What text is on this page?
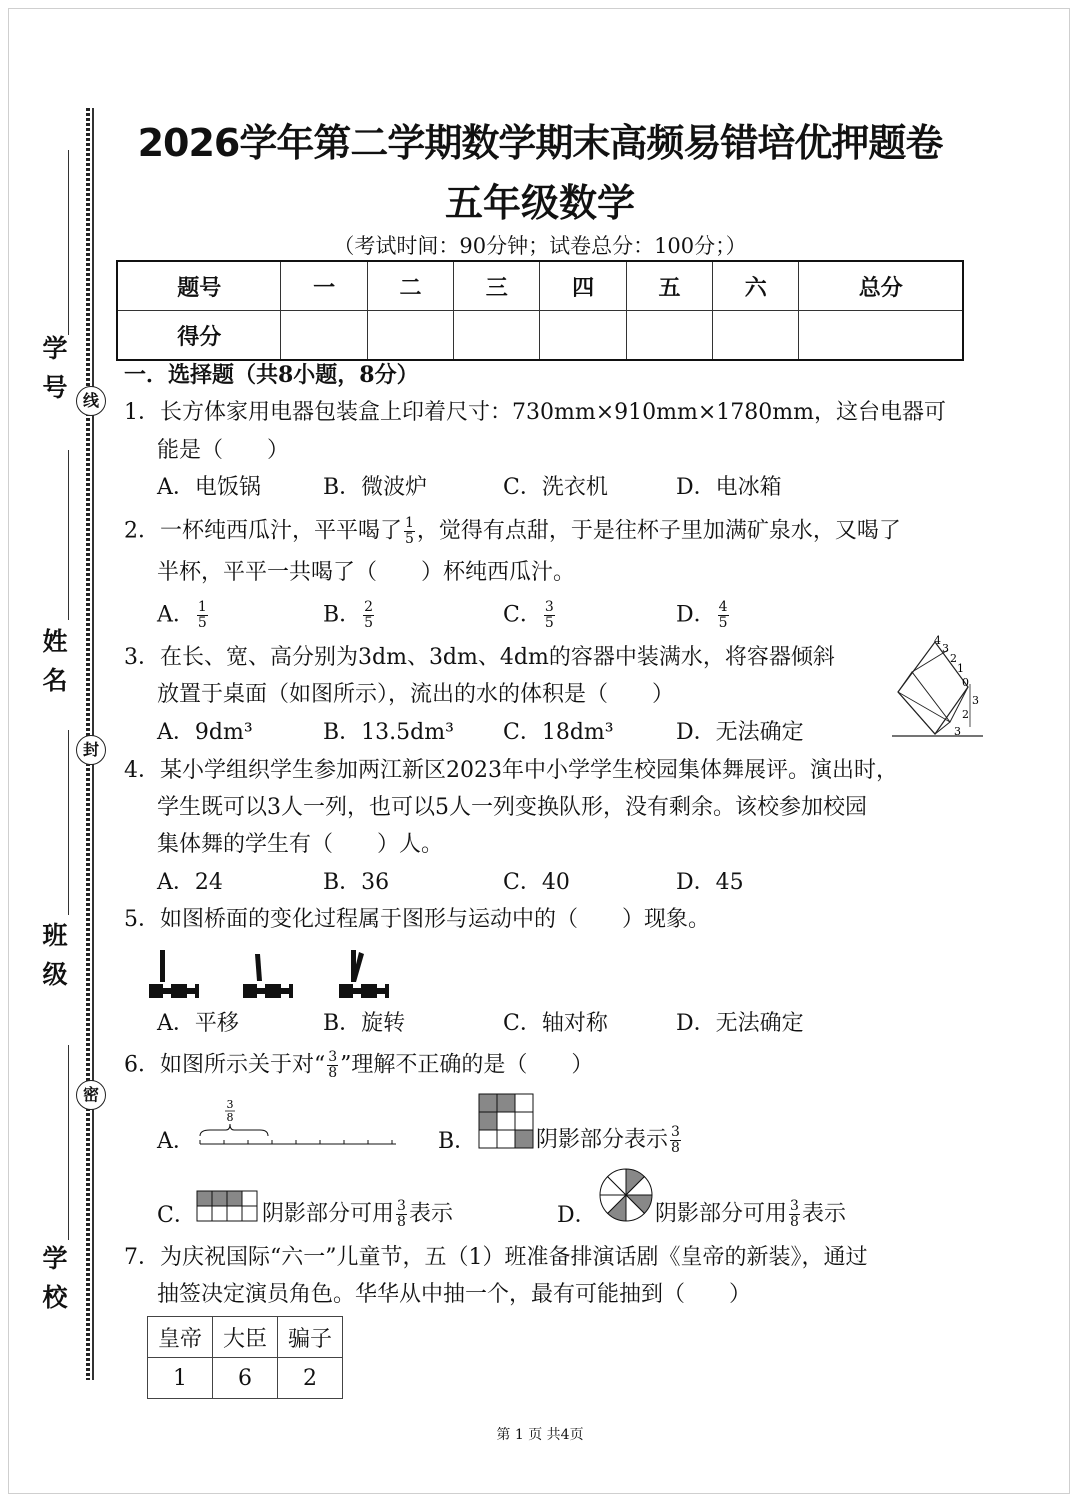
学号
姓名
班级
学校
线
封
密
2026学年第二学期数学期末高频易错培优押题卷
五年级数学
（考试时间：90分钟；试卷总分：100分；）
题号	一	二	三	四	五	六	总分
得分							
一．选择题（共8小题，8分）
1．长方体家用电器包装盒上印着尺寸：730mm×910mm×1780mm，这台电器可
能是（　　）
A．电饭锅	B．微波炉	C．洗衣机	D．电冰箱
2．一杯纯西瓜汁，平平喝了 $\frac{1}{5}$ ，觉得有点甜，于是往杯子里加满矿泉水，又喝了
半杯，平平一共喝了（　　）杯纯西瓜汁。
A． $\frac{1}{5}$	B． $\frac{2}{5}$	C． $\frac{3}{5}$	D． $\frac{4}{5}$
3．在长、宽、高分别为3dm、3dm、4dm的容器中装满水，将容器倾斜
放置于桌面（如图所示），流出的水的体积是（　　）
A．9dm³	B．13.5dm³ C．18dm³	D．无法确定
4
3
2
1
0
3
2
3
4．某小学组织学生参加两江新区2023年中小学学生校园集体舞展评。演出时，
学生既可以3人一列，也可以5人一列变换队形，没有剩余。该校参加校园
集体舞的学生有（　　）人。
A．24	B．36	C．40	D．45
5．如图桥面的变化过程属于图形与运动中的（　　）现象。
A．平移	B．旋转	C．轴对称	D．无法确定
6．如图所示关于对“ $\frac{3}{8}$ ”理解不正确的是（　　）
A．
3
8
B．	阴影部分表示 $\frac{3}{8}$
C．	阴影部分可用 $\frac{3}{8}$ 表示	D．	阴影部分可用 $\frac{3}{8}$ 表示
7．为庆祝国际“六一”儿童节，五（1）班准备排演话剧《皇帝的新装》，通过
抽签决定演员角色。华华从中抽一个，最有可能抽到（　　）
皇帝	大臣	骗子
1	6	2
第 1 页 共4页
